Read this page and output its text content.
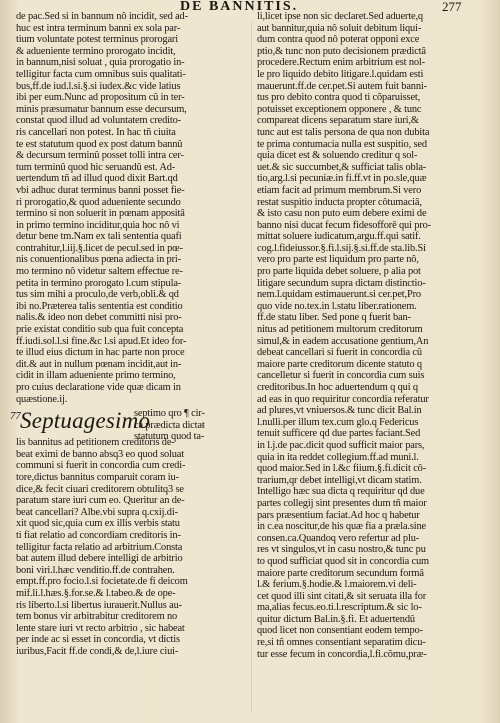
DE BANNITIS.	277
de pac.Sed si in bannum nô incidit, sed ad-
huc est intra terminum banni ex sola par-
tium voluntate potest terminus prorogari
& adueniente termino prorogato incidit,
in bannum,nisi soluat , quia prorogatio in-
telligitur facta cum omnibus suis qualitati-
bus,ff.de iud.l.si.§.si iudex.&c vide latius
ibi per eum.Nunc ad propositum cû in ter-
minis præsumatur bannum esse decursum,
constat quod illud ad voluntatem credito-
ris cancellari non potest. In hac tñ ciuita
te est statutum quod ex post datum bannû
& decursum terminû posset tolli intra cer-
tum terminû quod hic seruandû est. Ad-
uertendum tñ ad illud quod dixit Bart.qd
vbi adhuc durat terminus banni posset fie-
ri prorogatio,& quod adueniente secundo
termino si non soluerit in pœnam appositâ
in primo termino inciditur,quia hoc nô vi
detur bene tm.Nam ex tali sententia quafi
contrahitur,l.iij.§.licet de pecul.sed in pœ-
nis conuentionalibus pœna adiecta in pri-
mo termino nô videtur saltem effectue re-
petita in termino prorogato l.cum stipula-
tus sim mihi a proculo,de verb,obli.& qd
ibi no.Præterea talis sententia est conditio
nalis.& ideo non debet committi nisi pro-
prie existat conditio sub qua fuit concepta
ff.iudi.sol.l.si fine.&c l.si apud.Et ideo for-
te illud eius dictum in hac parte non proce
dit.& aut in nullum pœnam incidit,aut in-
cidit in illam adueniente primo termino,
pro cuius declaratione vide quæ dicam in
quæstione.ij.
77 Septuagesimo
septimo qro ¶ cir-
ca prædicta dictaŧ
statutum quod ta-
lis bannitus ad petitionem creditoris de-
beat eximi de banno absq3 eo quod soluat
communi si fuerit in concordia cum credi-
tore,dictus bannitus comparuit coram iu-
dice,& fecit ciuari creditorem obtulitq3 se
paratum stare iuri cum eo. Queritur an de-
beat cancellari? Albe.vbi supra q.cxij.di-
xit quod sic,quia cum ex illis verbis statu
ti fiat relatio ad concordiam creditoris in-
telligitur facta relatio ad arbitrium.Consta
bat autem illud debere intelligi de arbitrio
boni viri.l.hæc venditio.ff.de contrahen.
empt.ff.pro focio.l.si focietate.de fi deicom
mif.li.l.hæs.§.for.se.& l.tabeo.& de ope-
ris liberto.l.si libertus iurauerit.Nullus au-
tem bonus vir arbitrabitur creditorem no
lente stare iuri vt recto arbitrio , sic habeat
per inde ac si esset in concordia, vt dictis
iuribus,Facit ff.de condi,& de,l.iure ciui-
li,licet ipse non sic declaret.Sed aduerte,q
aut bannitur,quia nô soluit debitum liqui-
dum contra quod nô poterat opponi exce
ptio,& tunc non puto decisionem prædictâ
procedere.Rectum enim arbitrium est nol-
le pro liquido debito litigare.l.quidam esti
mauerunt.ff.de cer.pet.Si autem fuit banni-
tus pro debito contra quod ti cõparuisset,
potuisset exceptionem opponere , & tunc
compareat dicens separatum stare iuri,&
tunc aut est talis persona de qua non dubita
te prima contumacia nulla est suspitio, sed
quia dicet est & soluendo creditur q sol-
uet.& sic succumbet,& sufficiat talis obla-
tio,arg.l.si pecuniæ.in fi.ff.vt in po.sle,quæ
etiam facit ad primum membrum.Si vero
restat suspitio inducta propter côtumaciâ,
& isto casu non puto eum debere eximi de
banno nisi ducat fecum fidesofforē qui pro-
mittat soluere iudicatum,argu.ff.qui satif.
cog.l.fideiussor.§.fi.l.sij.§.si.ff.de sta.lib.Si
vero pro parte est liquidum pro parte nô,
pro parte liquida debet soluere, p alia pot
litigare secundum supra dictam distinctio-
nem.l.quidam estimauerunt.si cer.pet,Pro
quo vide no.tex.in l.statu liber.rationem.
ff.de statu liber. Sed pone q fuerit ban-
nitus ad petitionem multorum creditorum
simul,& in eadem accusatione gentium,An
debeat cancellari si fuerit in concordia cû
maiore parte creditorum dicente statuto q
cancelletur si fuerit in concordia cum suis
creditoribus.In hoc aduertendum q qui q
ad eas in quo requiritur concordia referatur
ad plures,vt vniuersos.& tunc dicit Bal.in
l.nulli.per illum tex.cum glo.q Federicus
tenuit sufficere qd due partes faciant.Sed
in l.j.de pac.dicit quod sufficit maior pars,
quia in ita reddet collegium.ff.ad muni.l.
quod maior.Sed in l.&c fiium.§.fi.dicit cô-
trarium,qr debet intelligi,vt dicam statim.
Intelligo hæc sua dicta q requiritur qd due
partes collegij sint presentes dum tñ maior
pars præsentium faciat.Ad hoc q habetur
in c.ea noscitur,de his quæ fia a præla.sine
consen.ca.Quandoq vero refertur ad plu-
res vt singulos,vt in casu nostro,& tunc pu
to quod sufficiat quod sit in concordia cum
maiore parte creditorum secundum formâ
l.& ferium.§.hodie.& l.maiorem.vi deli-
cet quod illi sint citati,& sit seruata illa for
ma,alias fecus.eo.ti.l.rescriptum.& sic lo-
quitur dictum Bal.in.§.fi. Et aduertendû
quod licet non consentiant eodem tempo-
re,si tñ omnes consentiant separatim dicu-
tur esse fecum in concordia,l.fi.cõmu,præ-
